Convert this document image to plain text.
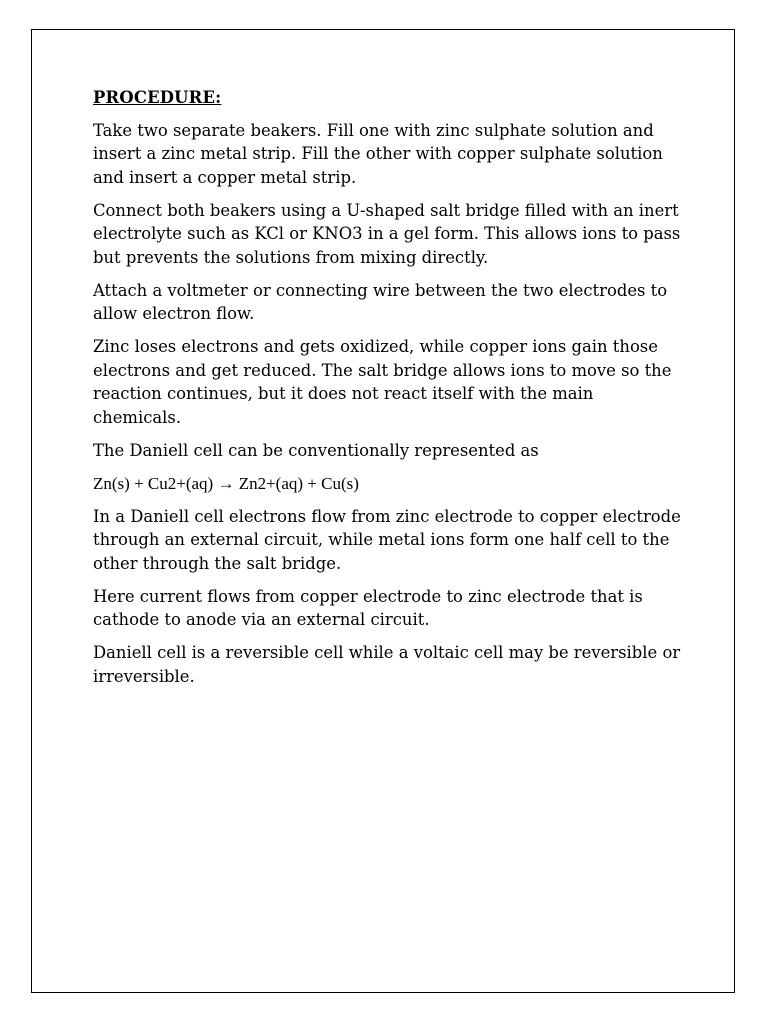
PROCEDURE:
Take two separate beakers. Fill one with zinc sulphate solution and insert a zinc metal strip. Fill the other with copper sulphate solution and insert a copper metal strip.
Connect both beakers using a U-shaped salt bridge filled with an inert electrolyte such as KCl or KNO3 in a gel form. This allows ions to pass but prevents the solutions from mixing directly.
Attach a voltmeter or connecting wire between the two electrodes to allow electron flow.
Zinc loses electrons and gets oxidized, while copper ions gain those electrons and get reduced. The salt bridge allows ions to move so the reaction continues, but it does not react itself with the main chemicals.
The Daniell cell can be conventionally represented as
Zn(s) + Cu2+(aq) → Zn2+(aq) + Cu(s)
In a Daniell cell electrons flow from zinc electrode to copper electrode through an external circuit, while metal ions form one half cell to the other through the salt bridge.
Here current flows from copper electrode to zinc electrode that is cathode to anode via an external circuit.
Daniell cell is a reversible cell while a voltaic cell may be reversible or irreversible.
